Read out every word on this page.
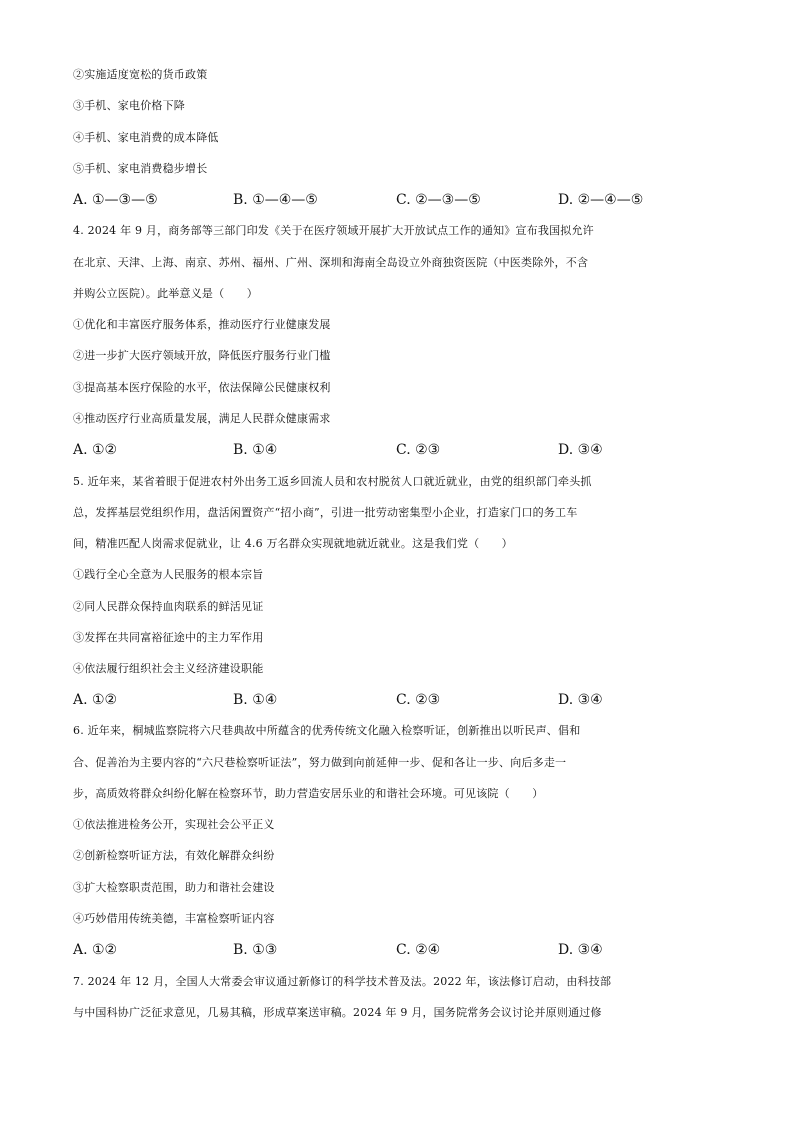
②实施适度宽松的货币政策
③手机、家电价格下降
④手机、家电消费的成本降低
⑤手机、家电消费稳步增长
A. ①—③—⑤	B. ①—④—⑤	C. ②—③—⑤	D. ②—④—⑤
4. 2024 年 9 月，商务部等三部门印发《关于在医疗领域开展扩大开放试点工作的通知》宣布我国拟允许
在北京、天津、上海、南京、苏州、福州、广州、深圳和海南全岛设立外商独资医院（中医类除外，不含
并购公立医院）。此举意义是（　　）
①优化和丰富医疗服务体系，推动医疗行业健康发展
②进一步扩大医疗领域开放，降低医疗服务行业门槛
③提高基本医疗保险的水平，依法保障公民健康权利
④推动医疗行业高质量发展，满足人民群众健康需求
A. ①②	B. ①④	C. ②③	D. ③④
5. 近年来，某省着眼于促进农村外出务工返乡回流人员和农村脱贫人口就近就业，由党的组织部门牵头抓
总，发挥基层党组织作用，盘活闲置资产“招小商”，引进一批劳动密集型小企业，打造家门口的务工车
间，精准匹配人岗需求促就业，让 4.6 万名群众实现就地就近就业。这是我们党（　　）
①践行全心全意为人民服务的根本宗旨
②同人民群众保持血肉联系的鲜活见证
③发挥在共同富裕征途中的主力军作用
④依法履行组织社会主义经济建设职能
A. ①②	B. ①④	C. ②③	D. ③④
6. 近年来，桐城监察院将六尺巷典故中所蕴含的优秀传统文化融入检察听证，创新推出以听民声、倡和
合、促善治为主要内容的“六尺巷检察听证法”，努力做到向前延伸一步、促和各让一步、向后多走一
步，高质效将群众纠纷化解在检察环节，助力营造安居乐业的和谐社会环境。可见该院（　　）
①依法推进检务公开，实现社会公平正义
②创新检察听证方法，有效化解群众纠纷
③扩大检察职责范围，助力和谐社会建设
④巧妙借用传统美德，丰富检察听证内容
A. ①②	B. ①③	C. ②④	D. ③④
7. 2024 年 12 月，全国人大常委会审议通过新修订的科学技术普及法。2022 年，该法修订启动，由科技部
与中国科协广泛征求意见，几易其稿，形成草案送审稿。2024 年 9 月，国务院常务会议讨论并原则通过修
